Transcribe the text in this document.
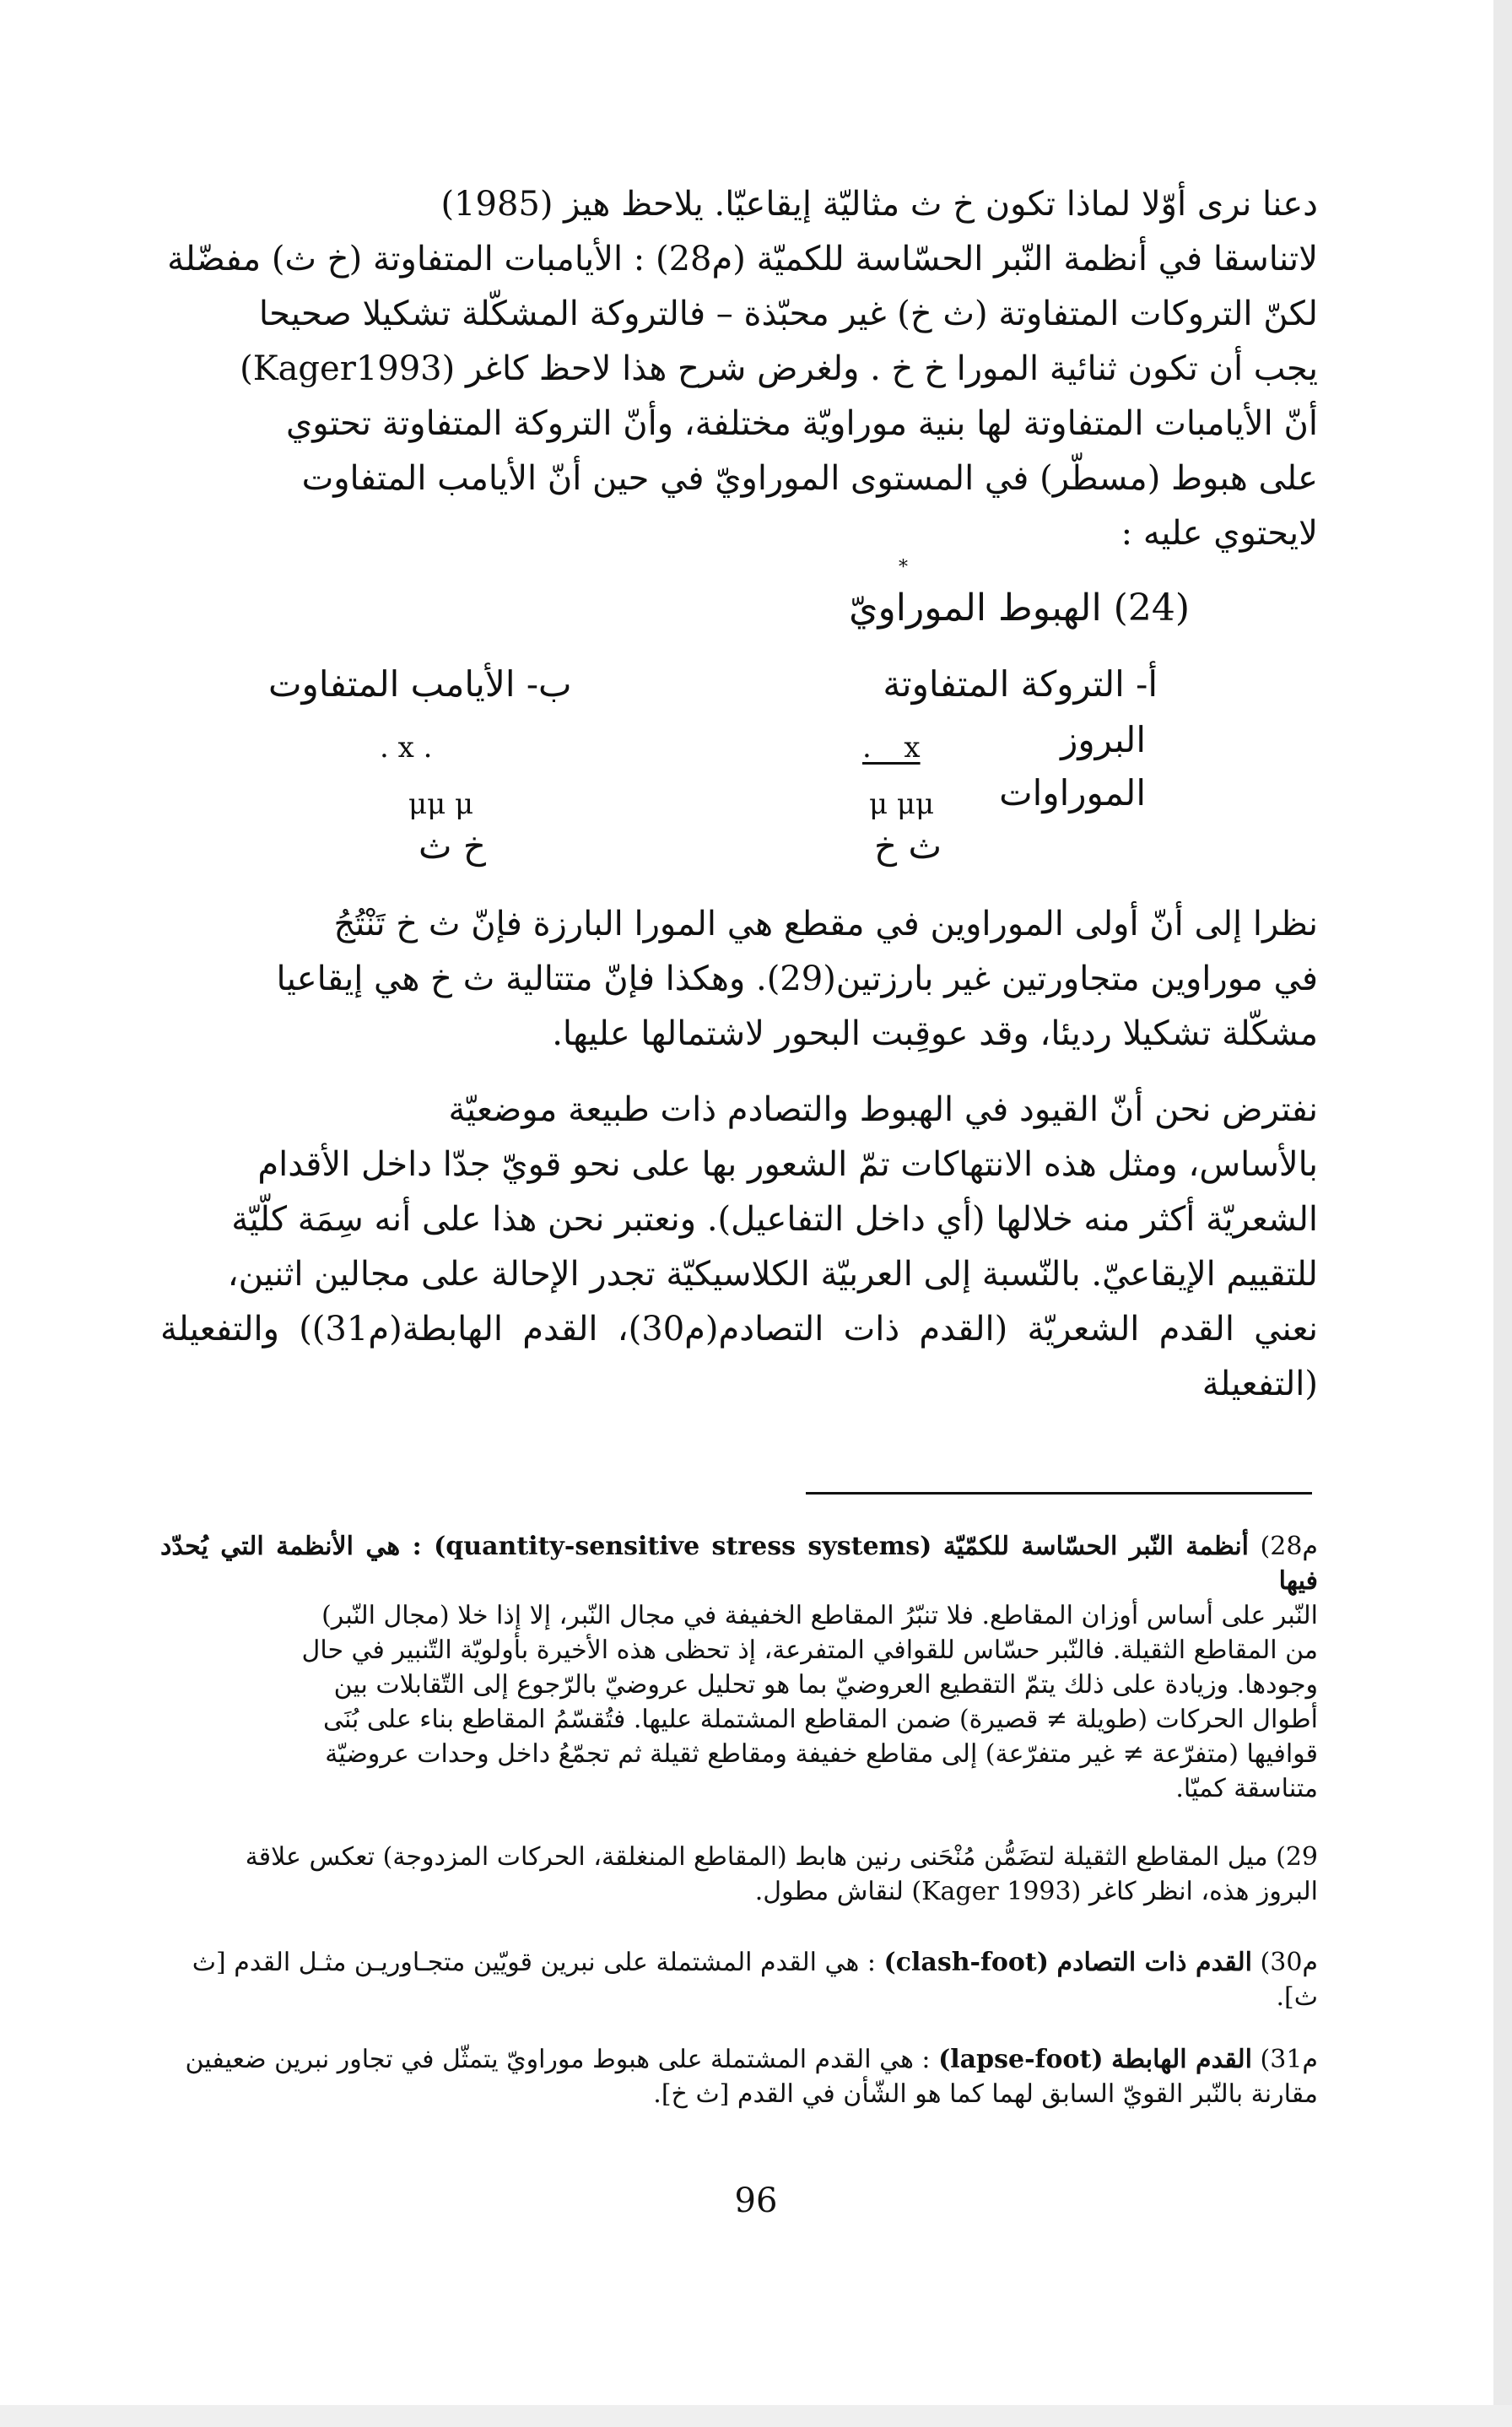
دعنا نرى أوّلا لماذا تكون خ ث مثاليّة إيقاعيّا. يلاحظ هيز (1985)
لاتناسقا في أنظمة النّبر الحسّاسة للكميّة (م28) : الأيامبات المتفاوتة (خ ث) مفضّلة
لكنّ التروكات المتفاوتة (ث خ) غير محبّذة – فالتروكة المشكّلة تشكيلا صحيحا
يجب أن تكون ثنائية المورا خ خ . ولغرض شرح هذا لاحظ كاغر (Kager1993)
أنّ الأيامبات المتفاوتة لها بنية موراويّة مختلفة، وأنّ التروكة المتفاوتة تحتوي
على هبوط (مسطّر) في المستوى الموراويّ في حين أنّ الأيامب المتفاوت
لايحتوي عليه :
*
(24) الهبوط الموراويّ
أ- التروكة المتفاوتة
ب- الأيامب المتفاوت
البروز
. _ x
. x .
الموراوات
μ μμ
μμ μ
ث خ
خ ث
نظرا إلى أنّ أولى الموراوين في مقطع هي المورا البارزة فإنّ ث خ تَنْتُجُ
في موراوين متجاورتين غير بارزتين(29). وهكذا فإنّ متتالية ث خ هي إيقاعيا
مشكّلة تشكيلا رديئا، وقد عوقِبت البحور لاشتمالها عليها.
نفترض نحن أنّ القيود في الهبوط والتصادم ذات طبيعة موضعيّة
بالأساس، ومثل هذه الانتهاكات تمّ الشعور بها على نحو قويّ جدّا داخل الأقدام
الشعريّة أكثر منه خلالها (أي داخل التفاعيل). ونعتبر نحن هذا على أنه سِمَة كلّيّة
للتقييم الإيقاعيّ. بالنّسبة إلى العربيّة الكلاسيكيّة تجدر الإحالة على مجالين اثنين،
نعني القدم الشعريّة (القدم ذات التصادم(م30)، القدم الهابطة(م31)) والتفعيلة (التفعيلة
م28) أنظمة النّبر الحسّاسة للكمّيّة (quantity-sensitive stress systems) : هي الأنظمة التي يُحدّد فيها
النّبر على أساس أوزان المقاطع. فلا تنبّرُ المقاطع الخفيفة في مجال النّبر، إلا إذا خلا (مجال النّبر)
من المقاطع الثقيلة. فالنّبر حسّاس للقوافي المتفرعة، إذ تحظى هذه الأخيرة بأولويّة التّنبير في حال
وجودها. وزيادة على ذلك يتمّ التقطيع العروضيّ بما هو تحليل عروضيّ بالرّجوع إلى التّقابلات بين
أطوال الحركات (طويلة ≠ قصيرة) ضمن المقاطع المشتملة عليها. فتُقسّمُ المقاطع بناء على بُنَى
قوافيها (متفرّعة ≠ غير متفرّعة) إلى مقاطع خفيفة ومقاطع ثقيلة ثم تجمّعُ داخل وحدات عروضيّة
متناسقة كميّا.
29) ميل المقاطع الثقيلة لتضَمُّن مُنْحَنى رنين هابط (المقاطع المنغلقة، الحركات المزدوجة) تعكس علاقة
البروز هذه، انظر كاغر (Kager 1993) لنقاش مطول.
م30) القدم ذات التصادم (clash-foot) : هي القدم المشتملة على نبرين قويّين متجـاوريـن مثـل القدم [ث
ث].
م31) القدم الهابطة (lapse-foot) : هي القدم المشتملة على هبوط موراويّ يتمثّل في تجاور نبرين ضعيفين
مقارنة بالنّبر القويّ السابق لهما كما هو الشّأن في القدم [ث خ].
96
